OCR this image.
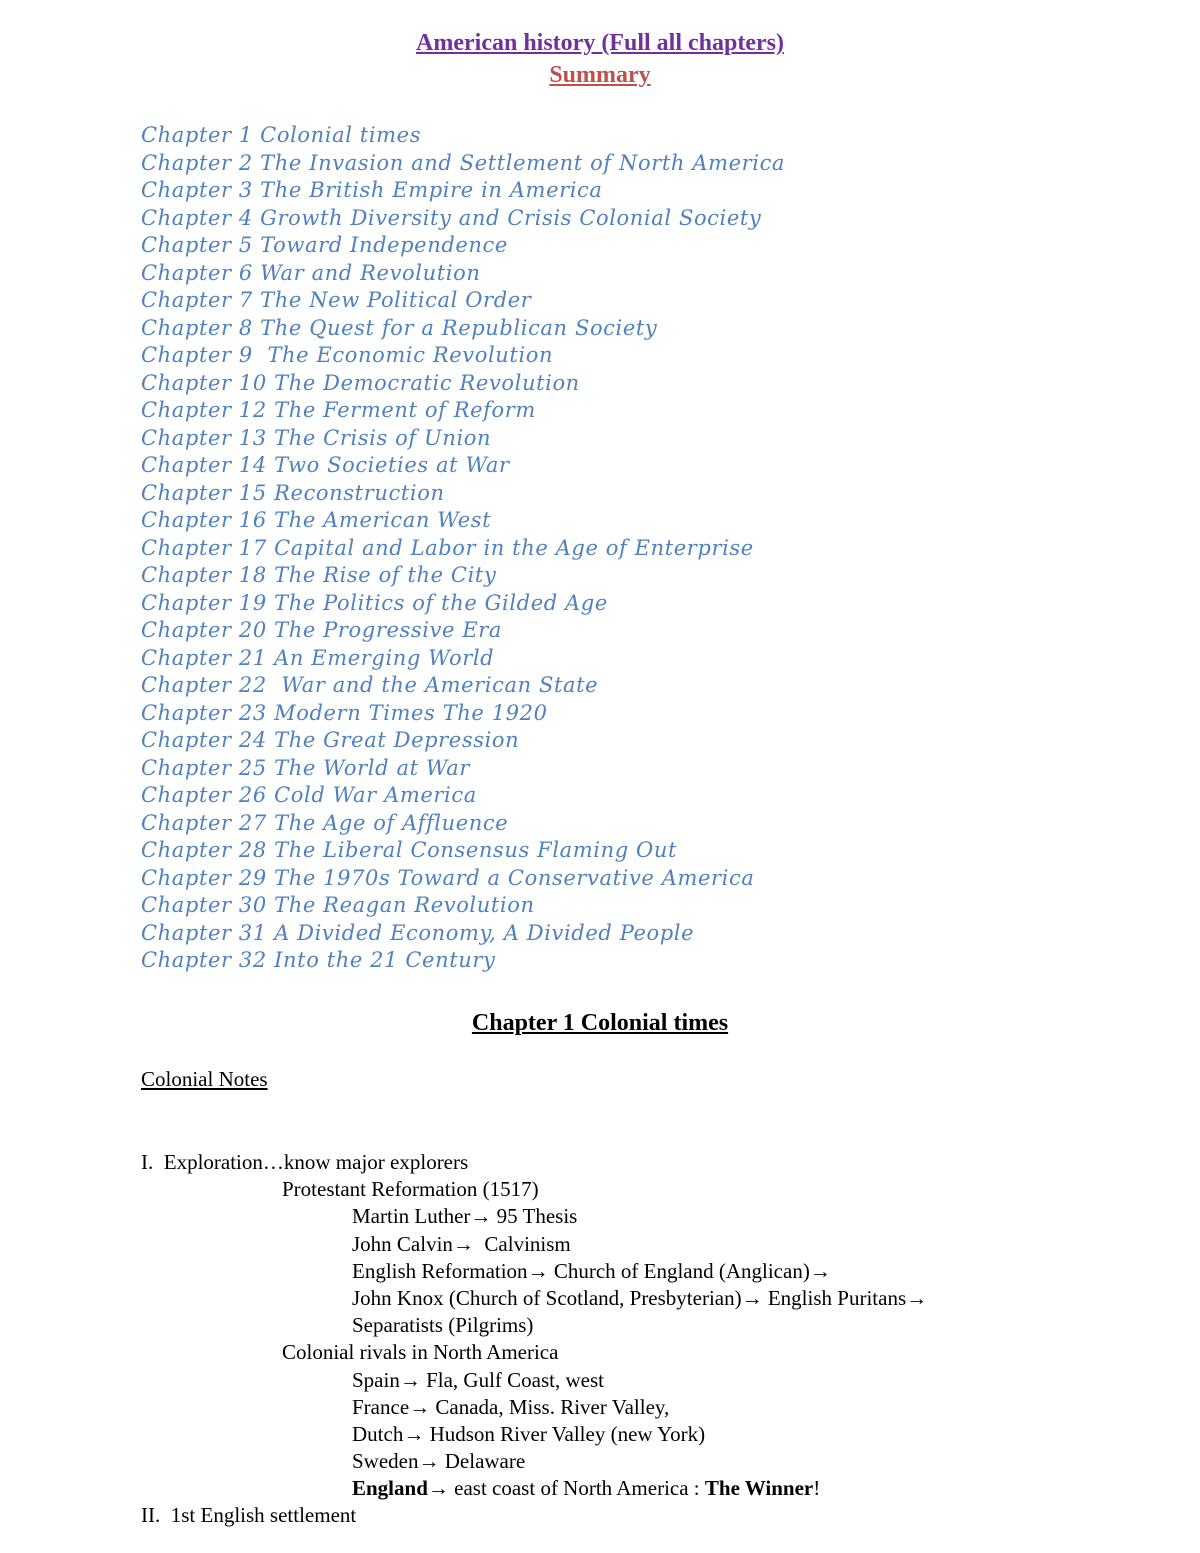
American history (Full all chapters)
Summary
Chapter 1 Colonial times
Chapter 2 The Invasion and Settlement of North America
Chapter 3 The British Empire in America
Chapter 4 Growth Diversity and Crisis Colonial Society
Chapter 5 Toward Independence
Chapter 6 War and Revolution
Chapter 7 The New Political Order
Chapter 8 The Quest for a Republican Society
Chapter 9  The Economic Revolution
Chapter 10 The Democratic Revolution
Chapter 12 The Ferment of Reform
Chapter 13 The Crisis of Union
Chapter 14 Two Societies at War
Chapter 15 Reconstruction
Chapter 16 The American West
Chapter 17 Capital and Labor in the Age of Enterprise
Chapter 18 The Rise of the City
Chapter 19 The Politics of the Gilded Age
Chapter 20 The Progressive Era
Chapter 21 An Emerging World
Chapter 22  War and the American State
Chapter 23 Modern Times The 1920
Chapter 24 The Great Depression
Chapter 25 The World at War
Chapter 26 Cold War America
Chapter 27 The Age of Affluence
Chapter 28 The Liberal Consensus Flaming Out
Chapter 29 The 1970s Toward a Conservative America
Chapter 30 The Reagan Revolution
Chapter 31 A Divided Economy, A Divided People
Chapter 32 Into the 21 Century
Chapter 1 Colonial times
Colonial Notes
I.  Exploration…know major explorers
Protestant Reformation (1517)
Martin Luther→ 95 Thesis
John Calvin→  Calvinism
English Reformation→ Church of England (Anglican)→
John Knox (Church of Scotland, Presbyterian)→ English Puritans→
Separatists (Pilgrims)
Colonial rivals in North America
Spain→ Fla, Gulf Coast, west
France→ Canada, Miss. River Valley,
Dutch→ Hudson River Valley (new York)
Sweden→ Delaware
England→ east coast of North America : The Winner!
II.  1st English settlement
